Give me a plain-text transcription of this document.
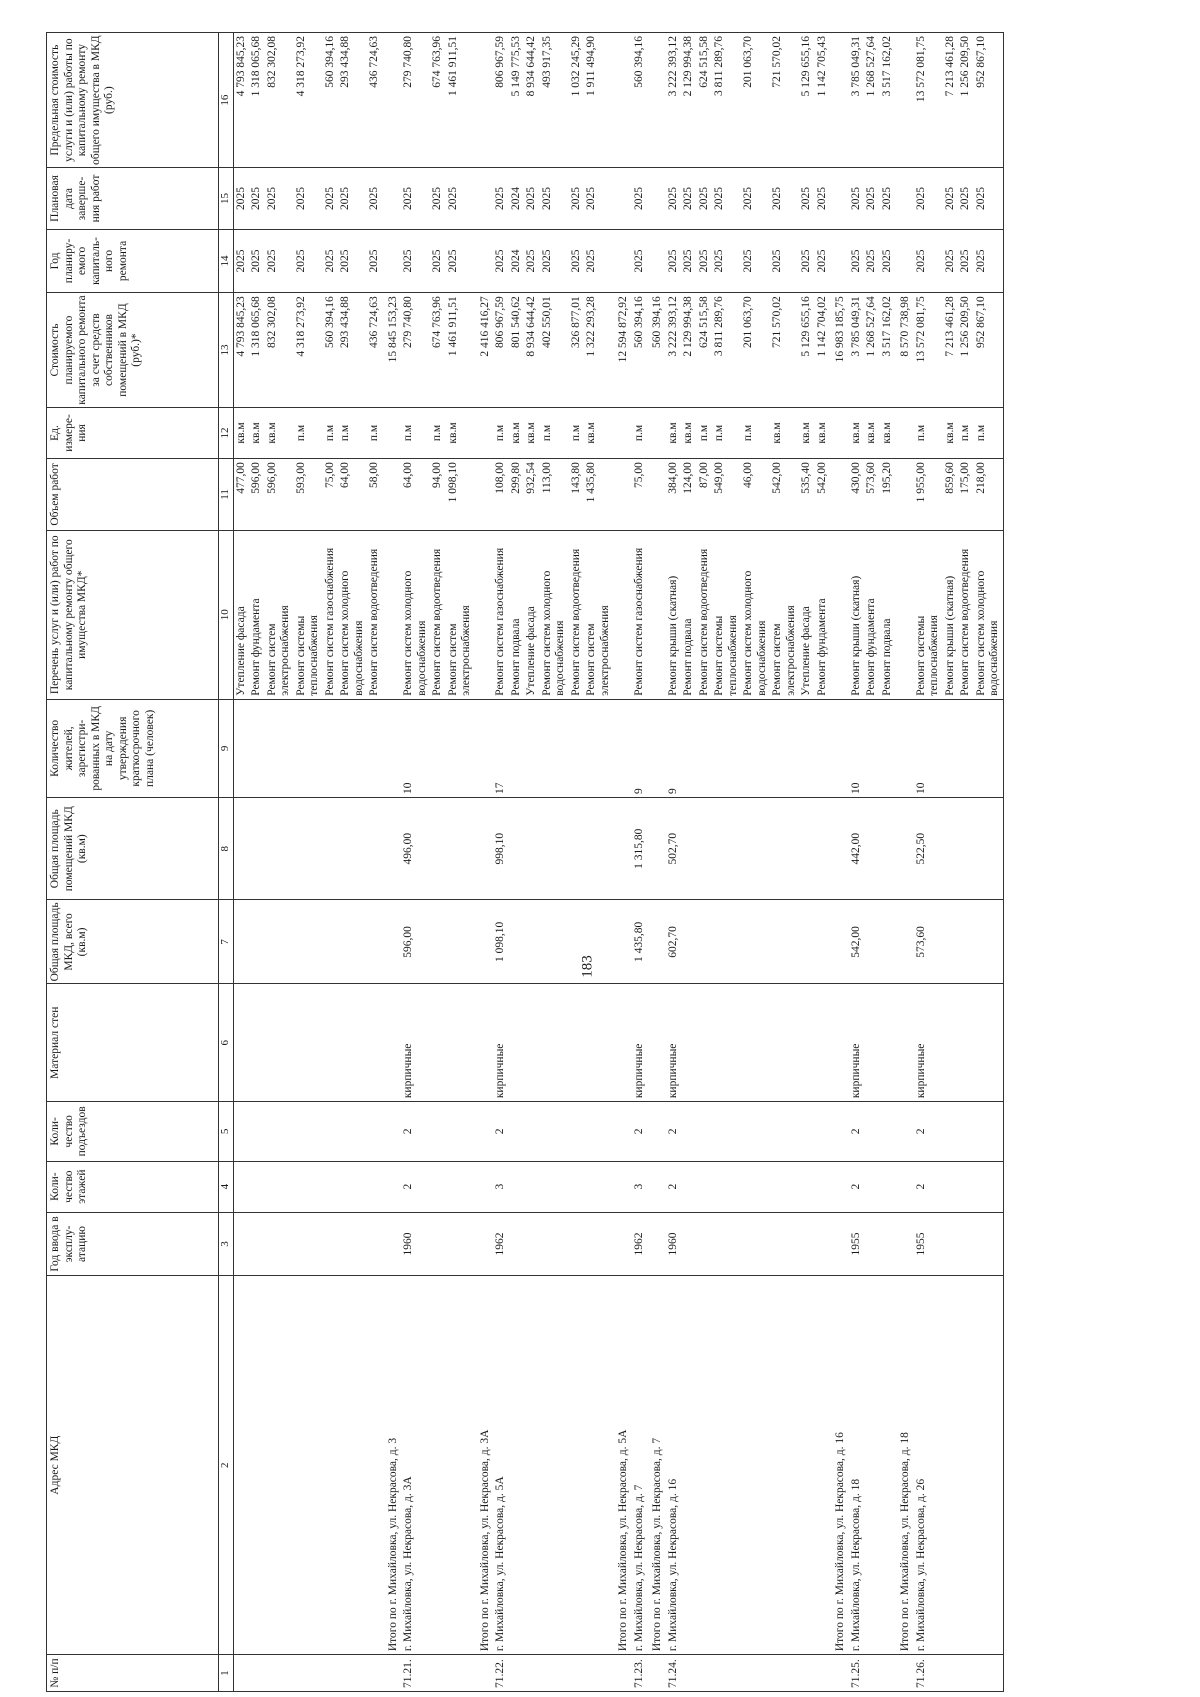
183
№ п/п	Адрес МКД	Год ввода в эксплу-атацию	Коли-чество этажей	Коли-чество подъездов	Материал стен	Общая площадь МКД, всего (кв.м)	Общая площадь помещений МКД (кв.м)	Количество жителей, зарегистри-рованных в МКД на дату утверждения краткосрочного плана (человек)	Перечень услуг и (или) работ по капитальному ремонту общего имущества МКД*	Объем работ	Ед. измере-ния	Стоимость планируемого капитального ремонта за счет средств собственников помещений в МКД (руб.)*	Год планиру-емого капиталь-ного ремонта	Плановая дата заверше-ния работ	Предельная стоимость услуги и (или) работы по капитальному ремонту общего имущества в МКД (руб.)
1	2	3	4	5	6	7	8	9	10	11	12	13	14	15	16
									Утепление фасада	477,00	кв.м	4 793 845,23	2025	2025	4 793 845,23
									Ремонт фундамента	596,00	кв.м	1 318 065,68	2025	2025	1 318 065,68
									Ремонт систем электроснабжения	596,00	кв.м	832 302,08	2025	2025	832 302,08
									Ремонт системы теплоснабжения	593,00	п.м	4 318 273,92	2025	2025	4 318 273,92
									Ремонт систем газоснабжения	75,00	п.м	560 394,16	2025	2025	560 394,16
									Ремонт систем холодного водоснабжения	64,00	п.м	293 434,88	2025	2025	293 434,88
									Ремонт систем водоотведения	58,00	п.м	436 724,63	2025	2025	436 724,63
	Итого по г. Михайловка, ул. Некрасова, д. 3											15 845 153,23			
71.21.	г. Михайловка, ул. Некрасова, д. 3А	1960	2	2	кирпичные	596,00	496,00	10	Ремонт систем холодного водоснабжения	64,00	п.м	279 740,80	2025	2025	279 740,80
									Ремонт систем водоотведения	94,00	п.м	674 763,96	2025	2025	674 763,96
									Ремонт систем электроснабжения	1 098,10	кв.м	1 461 911,51	2025	2025	1 461 911,51
	Итого по г. Михайловка, ул. Некрасова, д. 3А											2 416 416,27			
71.22.	г. Михайловка, ул. Некрасова, д. 5А	1962	3	2	кирпичные	1 098,10	998,10	17	Ремонт систем газоснабжения	108,00	п.м	806 967,59	2025	2025	806 967,59
									Ремонт подвала	299,80	кв.м	801 540,62	2024	2024	5 149 775,53
									Утепление фасада	932,54	кв.м	8 934 644,42	2025	2025	8 934 644,42
									Ремонт систем холодного водоснабжения	113,00	п.м	402 550,01	2025	2025	493 917,35
									Ремонт систем водоотведения	143,80	п.м	326 877,01	2025	2025	1 032 245,29
									Ремонт систем электроснабжения	1 435,80	кв.м	1 322 293,28	2025	2025	1 911 494,90
	Итого по г. Михайловка, ул. Некрасова, д. 5А											12 594 872,92			
71.23.	г. Михайловка, ул. Некрасова, д. 7	1962	3	2	кирпичные	1 435,80	1 315,80	9	Ремонт систем газоснабжения	75,00	п.м	560 394,16	2025	2025	560 394,16
	Итого по г. Михайловка, ул. Некрасова, д. 7											560 394,16			
71.24.	г. Михайловка, ул. Некрасова, д. 16	1960	2	2	кирпичные	602,70	502,70	9	Ремонт крыши (скатная)	384,00	кв.м	3 222 393,12	2025	2025	3 222 393,12
									Ремонт подвала	124,00	кв.м	2 129 994,38	2025	2025	2 129 994,38
									Ремонт систем водоотведения	87,00	п.м	624 515,58	2025	2025	624 515,58
									Ремонт системы теплоснабжения	549,00	п.м	3 811 289,76	2025	2025	3 811 289,76
									Ремонт систем холодного водоснабжения	46,00	п.м	201 063,70	2025	2025	201 063,70
									Ремонт систем электроснабжения	542,00	кв.м	721 570,02	2025	2025	721 570,02
									Утепление фасада	535,40	кв.м	5 129 655,16	2025	2025	5 129 655,16
									Ремонт фундамента	542,00	кв.м	1 142 704,02	2025	2025	1 142 705,43
	Итого по г. Михайловка, ул. Некрасова, д. 16											16 983 185,75			
71.25.	г. Михайловка, ул. Некрасова, д. 18	1955	2	2	кирпичные	542,00	442,00	10	Ремонт крыши (скатная)	430,00	кв.м	3 785 049,31	2025	2025	3 785 049,31
									Ремонт фундамента	573,60	кв.м	1 268 527,64	2025	2025	1 268 527,64
									Ремонт подвала	195,20	кв.м	3 517 162,02	2025	2025	3 517 162,02
	Итого по г. Михайловка, ул. Некрасова, д. 18											8 570 738,98			
71.26.	г. Михайловка, ул. Некрасова, д. 26	1955	2	2	кирпичные	573,60	522,50	10	Ремонт системы теплоснабжения	1 955,00	п.м	13 572 081,75	2025	2025	13 572 081,75
									Ремонт крыши (скатная)	859,60	кв.м	7 213 461,28	2025	2025	7 213 461,28
									Ремонт систем водоотведения	175,00	п.м	1 256 209,50	2025	2025	1 256 209,50
									Ремонт систем холодного водоснабжения	218,00	п.м	952 867,10	2025	2025	952 867,10
